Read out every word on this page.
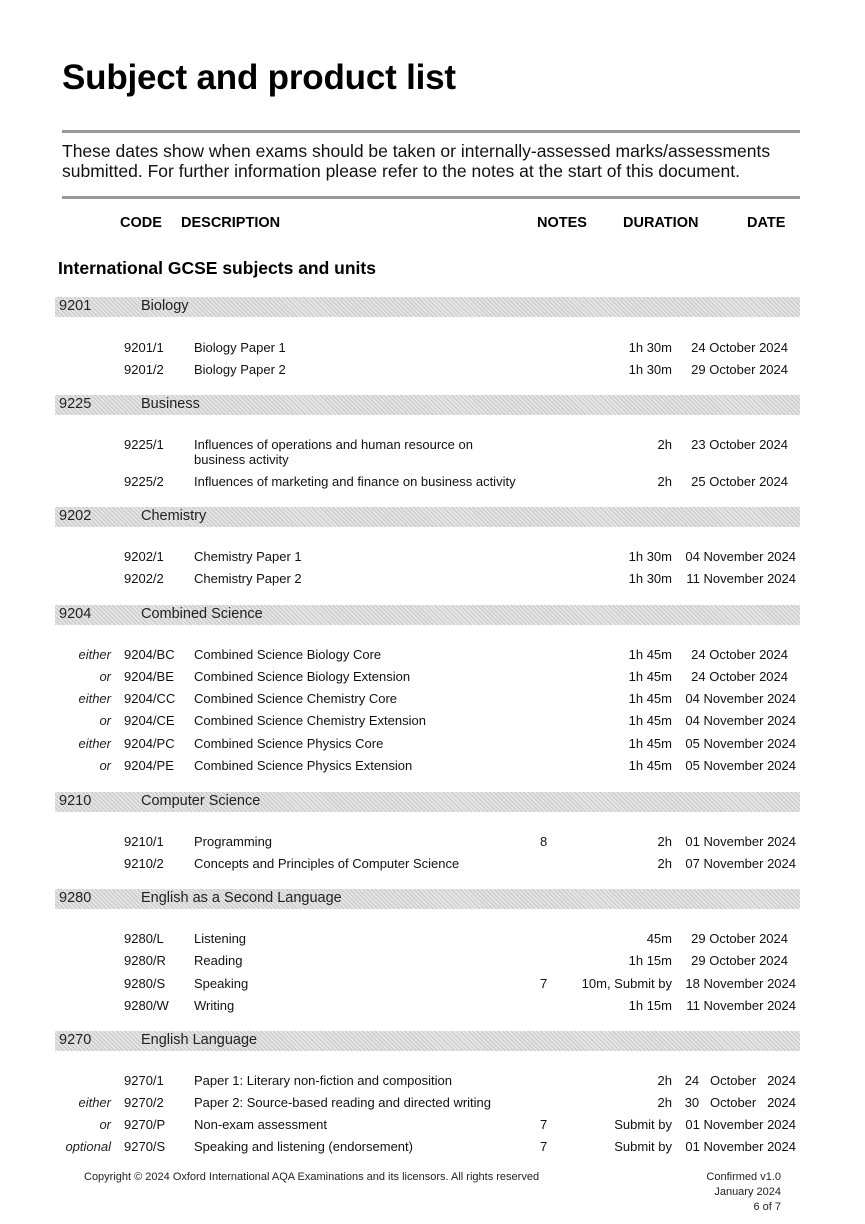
Subject and product list
These dates show when exams should be taken or internally-assessed marks/assessments submitted. For further information please refer to the notes at the start of this document.
CODE DESCRIPTION	NOTES DURATION	DATE
International GCSE subjects and units
9201	Biology
9201/1 Biology Paper 1	1h 30m 24 October 2024
9201/2 Biology Paper 2	1h 30m 29 October 2024
9225	Business
9225/1 Influences of operations and human resource on business activity
2h 23 October 2024
9225/2 Influences of marketing and finance on business activity	2h 25 October 2024
9202	Chemistry
9202/1 Chemistry Paper 1	1h 30m 04 November 2024
9202/2 Chemistry Paper 2	1h 30m 11 November 2024
9204	Combined Science
either 9204/BC Combined Science Biology Core	1h 45m 24 October 2024
or 9204/BE Combined Science Biology Extension	1h 45m 24 October 2024
either 9204/CC Combined Science Chemistry Core	1h 45m 04 November 2024
or 9204/CE Combined Science Chemistry Extension	1h 45m 04 November 2024
either 9204/PC Combined Science Physics Core	1h 45m 05 November 2024
or 9204/PE Combined Science Physics Extension	1h 45m 05 November 2024
9210	Computer Science
9210/1 Programming	8	2h 01 November 2024
9210/2 Concepts and Principles of Computer Science	2h 07 November 2024
9280	English as a Second Language
9280/L Listening	45m 29 October 2024
9280/R Reading	1h 15m 29 October 2024
9280/S Speaking	7	10m, Submit by 18 November 2024
9280/W Writing	1h 15m 11 November 2024
9270	English Language
9270/1 Paper 1: Literary non-fiction and composition	2h 24   October   2024
either 9270/2 Paper 2: Source-based reading and directed writing	2h 30   October   2024
or 9270/P Non-exam assessment	7	Submit by 01 November 2024
optional 9270/S Speaking and listening (endorsement)	7	Submit by 01 November 2024
Copyright © 2024 Oxford International AQA Examinations and its licensors. All rights reserved	Confirmed v1.0
January 2024
6 of 7
